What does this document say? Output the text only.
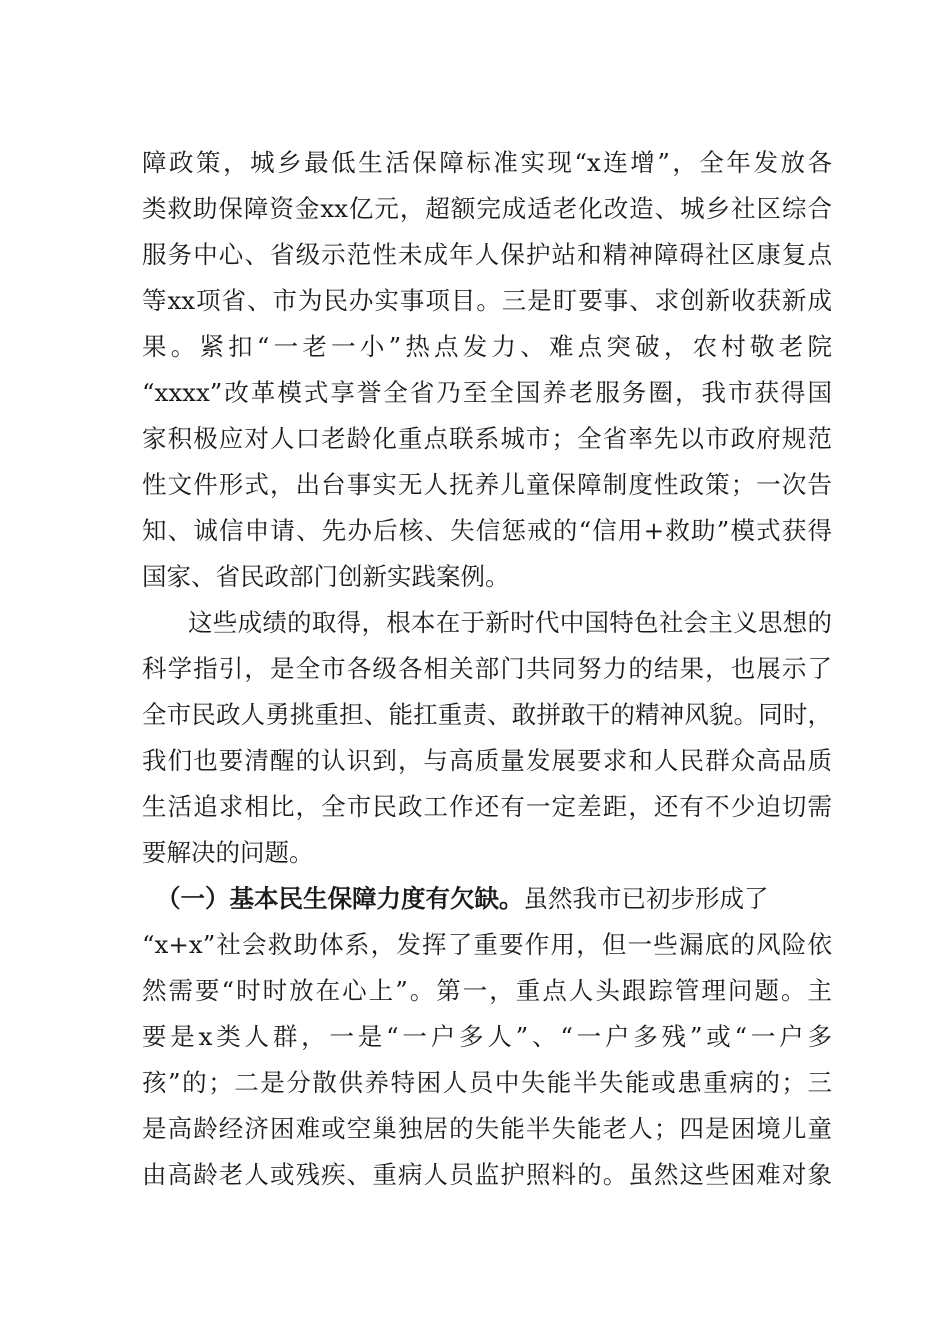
障政策，城乡最低生活保障标准实现“x连增”，全年发放各
类救助保障资金xx亿元，超额完成适老化改造、城乡社区综合
服务中心、省级示范性未成年人保护站和精神障碍社区康复点
等xx项省、市为民办实事项目。三是盯要事、求创新收获新成
果。紧扣“一老一小”热点发力、难点突破，农村敬老院
“xxxx”改革模式享誉全省乃至全国养老服务圈，我市获得国
家积极应对人口老龄化重点联系城市；全省率先以市政府规范
性文件形式，出台事实无人抚养儿童保障制度性政策；一次告
知、诚信申请、先办后核、失信惩戒的“信用+救助”模式获得
国家、省民政部门创新实践案例。
这些成绩的取得，根本在于新时代中国特色社会主义思想的
科学指引，是全市各级各相关部门共同努力的结果，也展示了
全市民政人勇挑重担、能扛重责、敢拼敢干的精神风貌。同时，
我们也要清醒的认识到，与高质量发展要求和人民群众高品质
生活追求相比，全市民政工作还有一定差距，还有不少迫切需
要解决的问题。
（一）基本民生保障力度有欠缺。虽然我市已初步形成了
“x+x”社会救助体系，发挥了重要作用，但一些漏底的风险依
然需要“时时放在心上”。第一，重点人头跟踪管理问题。主
要是x类人群，一是“一户多人”、“一户多残”或“一户多
孩”的；二是分散供养特困人员中失能半失能或患重病的；三
是高龄经济困难或空巢独居的失能半失能老人；四是困境儿童
由高龄老人或残疾、重病人员监护照料的。虽然这些困难对象
